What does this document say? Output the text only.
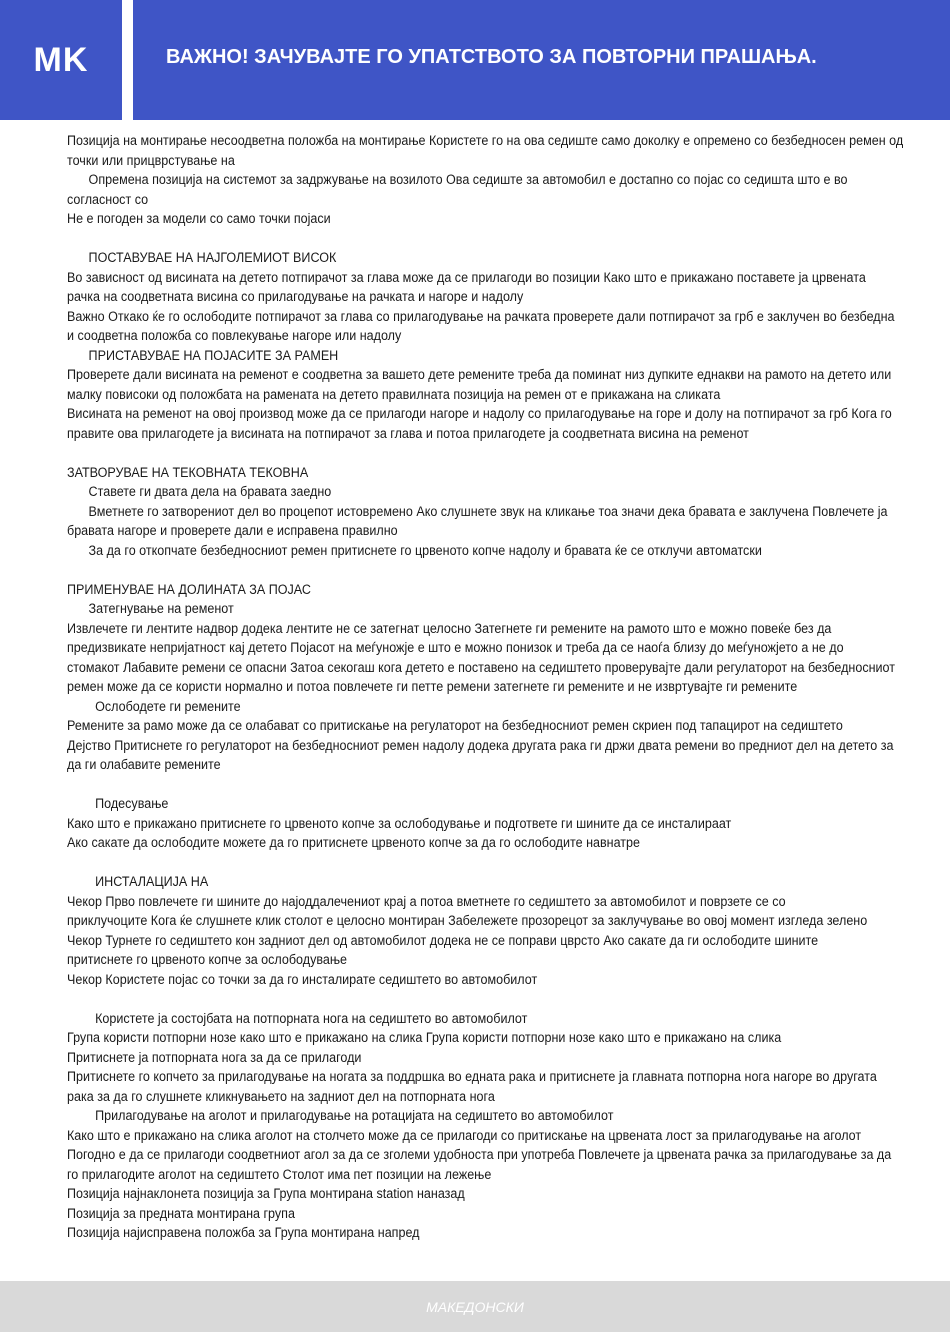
MK	ВАЖНО! ЗАЧУВАЈТЕ ГО УПАТСТВОТО ЗА ПОВТОРНИ ПРАШАЊА.

Позиција на монтирање несоодветна положба на монтирање Користете го на ова седиште само доколку е опремено со безбедносен ремен од

точки или прицврстување на

Опремена позиција на системот за задржување на возилото Ова седиште за автомобил е достапно со појас со седишта што е во

согласност со

Не е погоден за модели со само точки појаси

ПОСТАВУВАЕ НА НАЈГОЛЕМИОТ ВИСОК

Во зависност од висината на детето потпирачот за глава може да се прилагоди во позиции Како што е прикажано поставете ја црвената

рачка на соодветната висина со прилагодување на рачката и нагоре и надолу

Важно Откако ќе го ослободите потпирачот за глава со прилагодување на рачката проверете дали потпирачот за грб е заклучен во безбедна

и соодветна положба со повлекување нагоре или надолу

ПРИСТАВУВАЕ НА ПОЈАСИТЕ ЗА РАМЕН

Проверете дали висината на ременот е соодветна за вашето дете ремените треба да поминат низ дупките еднакви на рамото на детето или

малку повисоки од положбата на рамената на детето правилната позиција на ремен от е прикажана на сликата

Висината на ременот на овој производ може да се прилагоди нагоре и надолу со прилагодување на горе и долу на потпирачот за грб Кога го

правите ова прилагодете ја висината на потпирачот за глава и потоа прилагодете ја соодветната висина на ременот

ЗАТВОРУВАЕ НА ТЕКОВНАТА ТЕКОВНА

Ставете ги двата дела на бравата заедно

Вметнете го затворениот дел во процепот истовремено Ако слушнете звук на кликање тоа значи дека бравата е заклучена Повлечете ја

бравата нагоре и проверете дали е исправена правилно

За да го откопчате безбедносниот ремен притиснете го црвеното копче надолу и бравата ќе се отклучи автоматски

ПРИМЕНУВАЕ НА ДОЛИНАТА ЗА ПОЈАС

Затегнување на ременот

Извлечете ги лентите надвор додека лентите не се затегнат целосно Затегнете ги ремените на рамото што е можно повеќе без да

предизвикате непријатност кај детето Појасот на меѓуножје е што е можно понизок и треба да се наоѓа близу до меѓуножјето а не до

стомакот Лабавите ремени се опасни Затоа секогаш кога детето е поставено на седиштето проверувајте дали регулаторот на безбедносниот

ремен може да се користи нормално и потоа повлечете ги петте ремени затегнете ги ремените и не извртувајте ги ремените

Ослободете ги ремените

Ремените за рамо може да се олабават со притискање на регулаторот на безбедносниот ремен скриен под тапацирот на седиштето

Дејство Притиснете го регулаторот на безбедносниот ремен надолу додека другата рака ги држи двата ремени во предниот дел на детето за

да ги олабавите ремените

Подесување

Како што е прикажано притиснете го црвеното копче за ослободување и подгответе ги шините да се инсталираат

Ако сакате да ослободите можете да го притиснете црвеното копче за да го ослободите навнатре

ИНСТАЛАЦИЈА НА

Чекор Прво повлечете ги шините до најоддалечениот крај а потоа вметнете го седиштето за автомобилот и поврзете се со

приклучоците Кога ќе слушнете клик столот е целосно монтиран Забележете прозорецот за заклучување во овој момент изгледа зелено

Чекор Турнете го седиштето кон задниот дел од автомобилот додека не се поправи цврсто Ако сакате да ги ослободите шините

притиснете го црвеното копче за ослободување

Чекор Користете појас со точки за да го инсталирате седиштето во автомобилот

Користете ја состојбата на потпорната нога на седиштето во автомобилот

Група користи потпорни нозе како што е прикажано на слика Група користи потпорни нозе како што е прикажано на слика

Притиснете ја потпорната нога за да се прилагоди

Притиснете го копчето за прилагодување на ногата за поддршка во едната рака и притиснете ја главната потпорна нога нагоре во другата

рака за да го слушнете кликнувањето на задниот дел на потпорната нога

Прилагодување на аголот и прилагодување на ротацијата на седиштето во автомобилот

Како што е прикажано на слика аголот на столчето може да се прилагоди со притискање на црвената лост за прилагодување на аголот

Погодно е да се прилагоди соодветниот агол за да се зголеми удобноста при употреба Повлечете ја црвената рачка за прилагодување за да

го прилагодите аголот на седиштето Столот има пет позиции на лежење

Позиција најнаклонета позиција за Група монтирана station наназад

Позиција за предната монтирана група

Позиција најисправена положба за Група монтирана напред

МАКЕДОНСКИ
